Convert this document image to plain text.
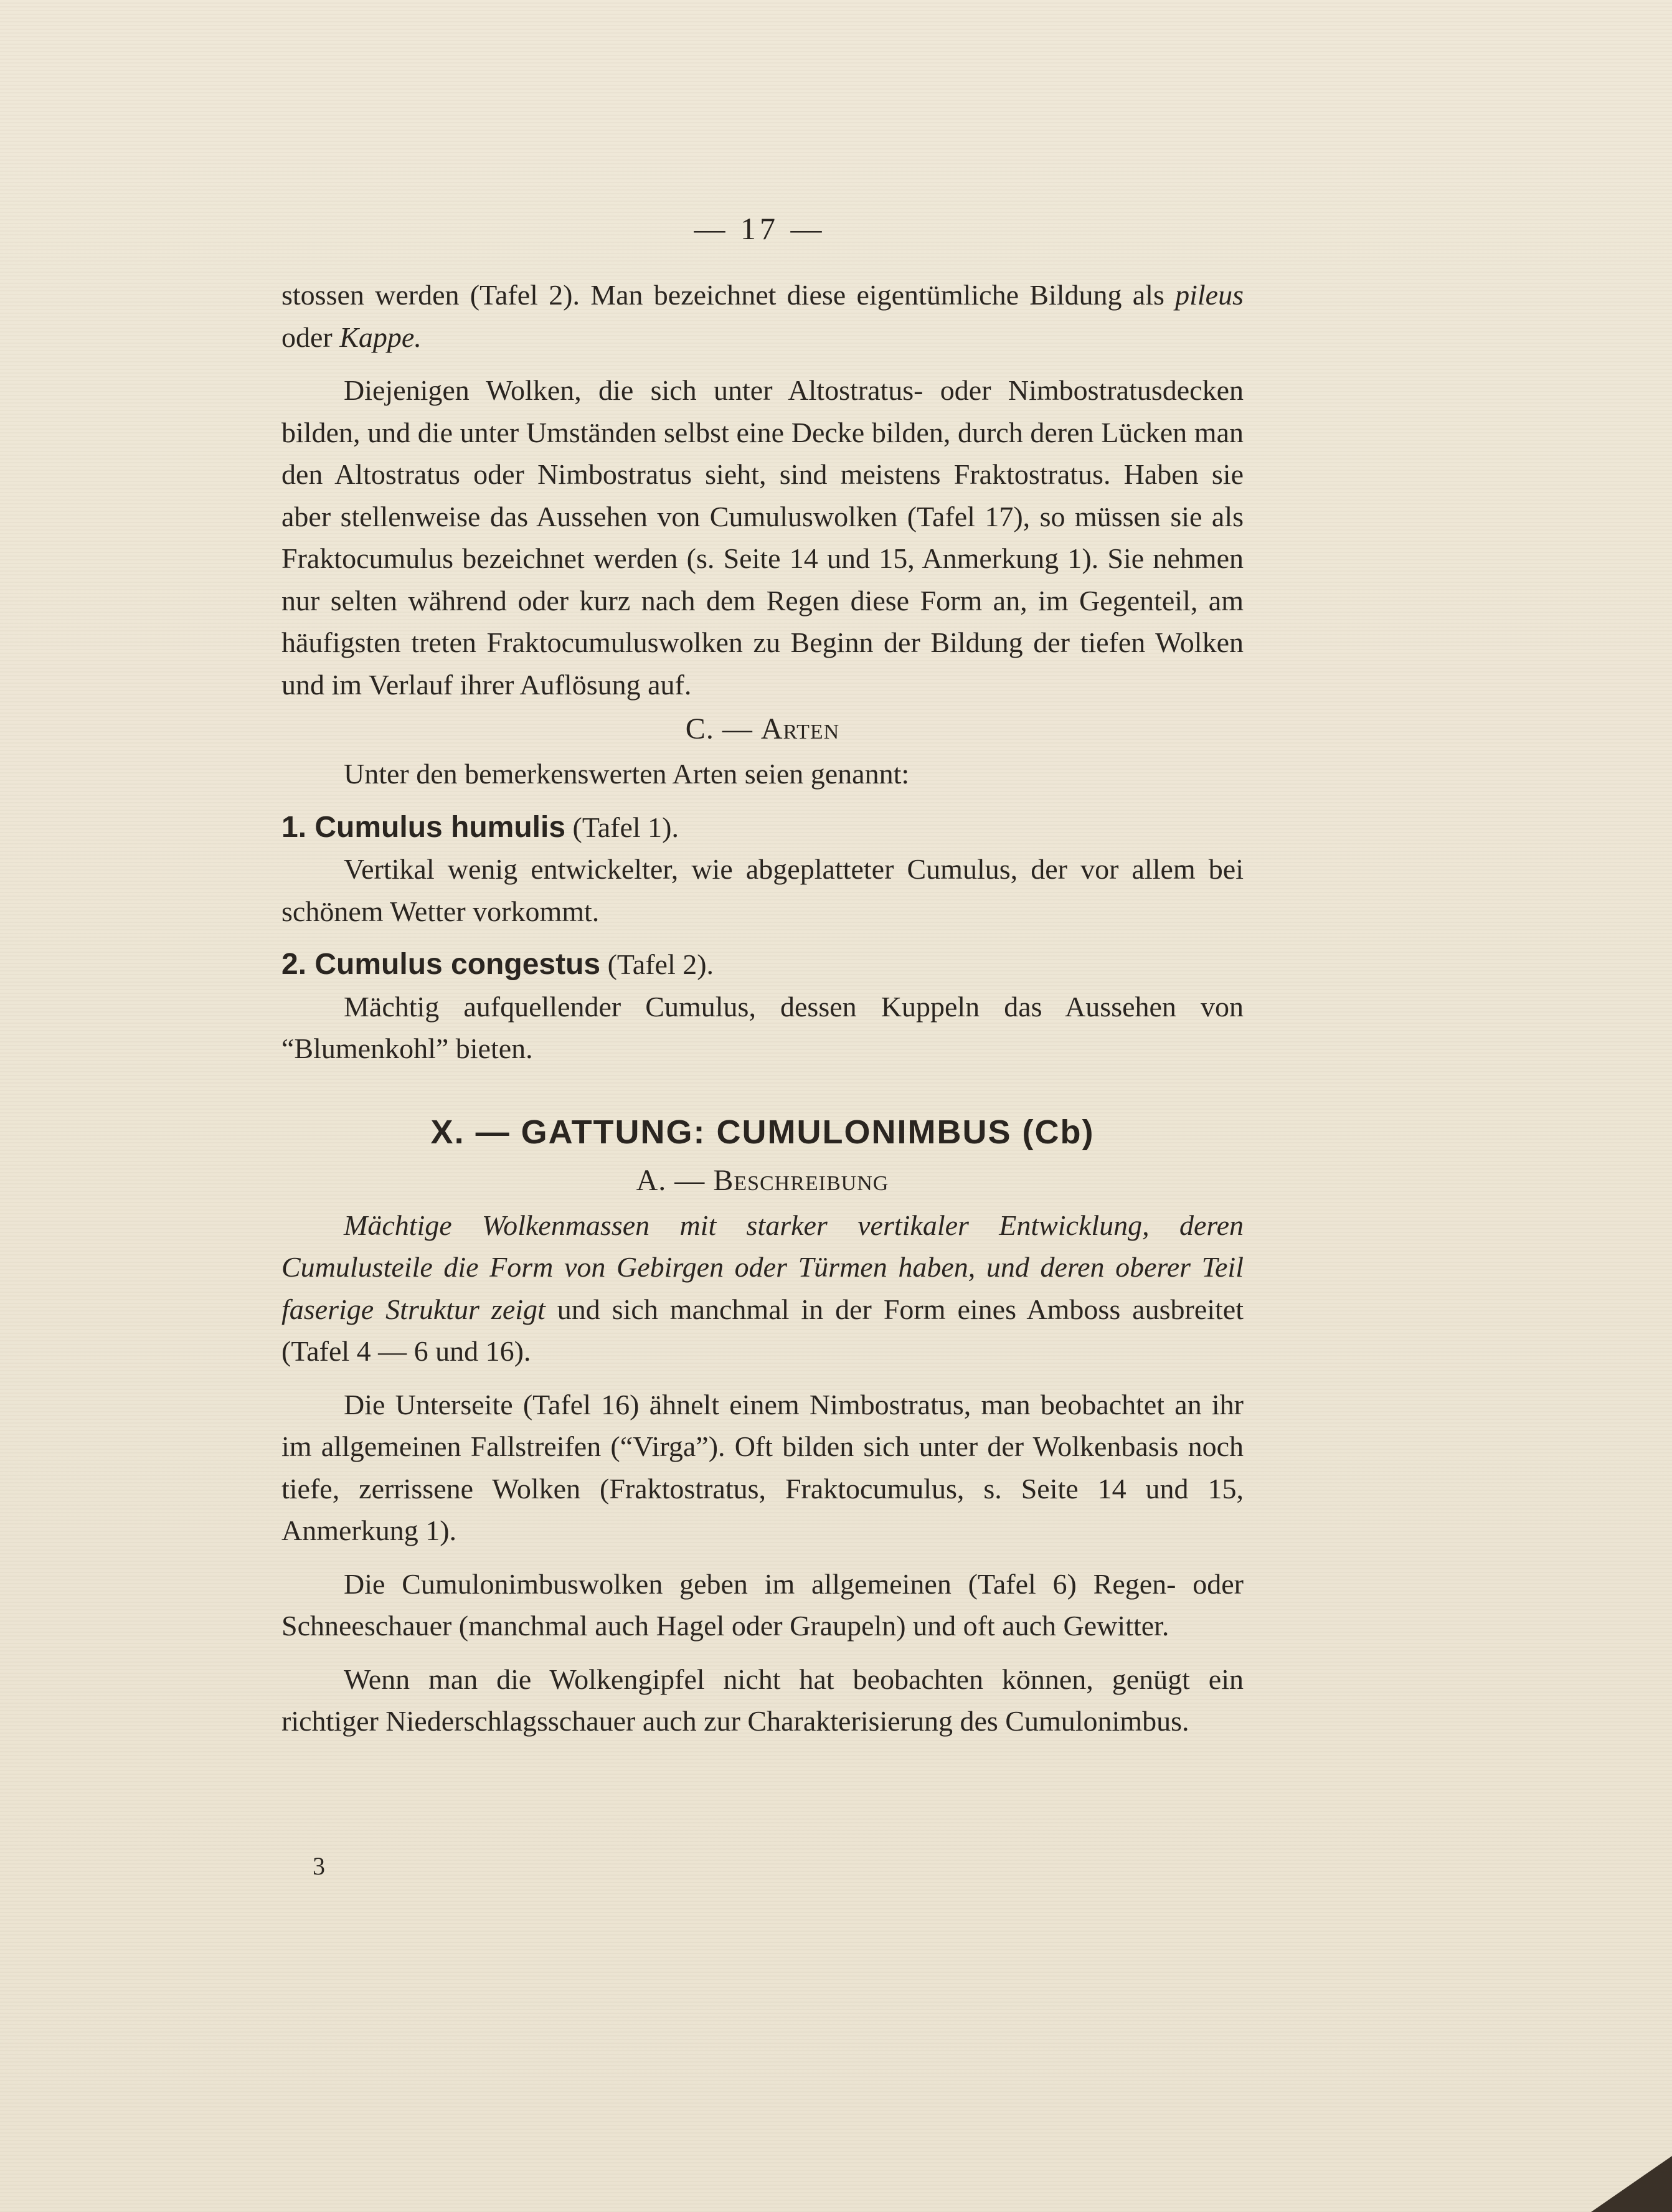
— 17 —

stossen werden (Tafel 2). Man bezeichnet diese eigentümliche Bildung als pileus oder Kappe.

Diejenigen Wolken, die sich unter Altostratus- oder Nimbostratusdecken bilden, und die unter Umständen selbst eine Decke bilden, durch deren Lücken man den Altostratus oder Nimbostratus sieht, sind meistens Fraktostratus. Haben sie aber stellenweise das Aussehen von Cumuluswolken (Tafel 17), so müssen sie als Fraktocumulus bezeichnet werden (s. Seite 14 und 15, Anmerkung 1). Sie nehmen nur selten während oder kurz nach dem Regen diese Form an, im Gegenteil, am häufigsten treten Fraktocumuluswolken zu Beginn der Bildung der tiefen Wolken und im Verlauf ihrer Auflösung auf.

C. — Arten

Unter den bemerkenswerten Arten seien genannt:

1. Cumulus humulis (Tafel 1).

Vertikal wenig entwickelter, wie abgeplatteter Cumulus, der vor allem bei schönem Wetter vorkommt.

2. Cumulus congestus (Tafel 2).

Mächtig aufquellender Cumulus, dessen Kuppeln das Aussehen von “Blumenkohl” bieten.

X. — GATTUNG: CUMULONIMBUS (Cb)
A. — Beschreibung

Mächtige Wolkenmassen mit starker vertikaler Entwicklung, deren Cumulusteile die Form von Gebirgen oder Türmen haben, und deren oberer Teil faserige Struktur zeigt und sich manchmal in der Form eines Amboss ausbreitet (Tafel 4 — 6 und 16).

Die Unterseite (Tafel 16) ähnelt einem Nimbostratus, man beobachtet an ihr im allgemeinen Fallstreifen (“Virga”). Oft bilden sich unter der Wolkenbasis noch tiefe, zerrissene Wolken (Fraktostratus, Fraktocumulus, s. Seite 14 und 15, Anmerkung 1).

Die Cumulonimbuswolken geben im allgemeinen (Tafel 6) Regen- oder Schneeschauer (manchmal auch Hagel oder Graupeln) und oft auch Gewitter.

Wenn man die Wolkengipfel nicht hat beobachten können, genügt ein richtiger Niederschlagsschauer auch zur Charakterisierung des Cumulonimbus.

3
